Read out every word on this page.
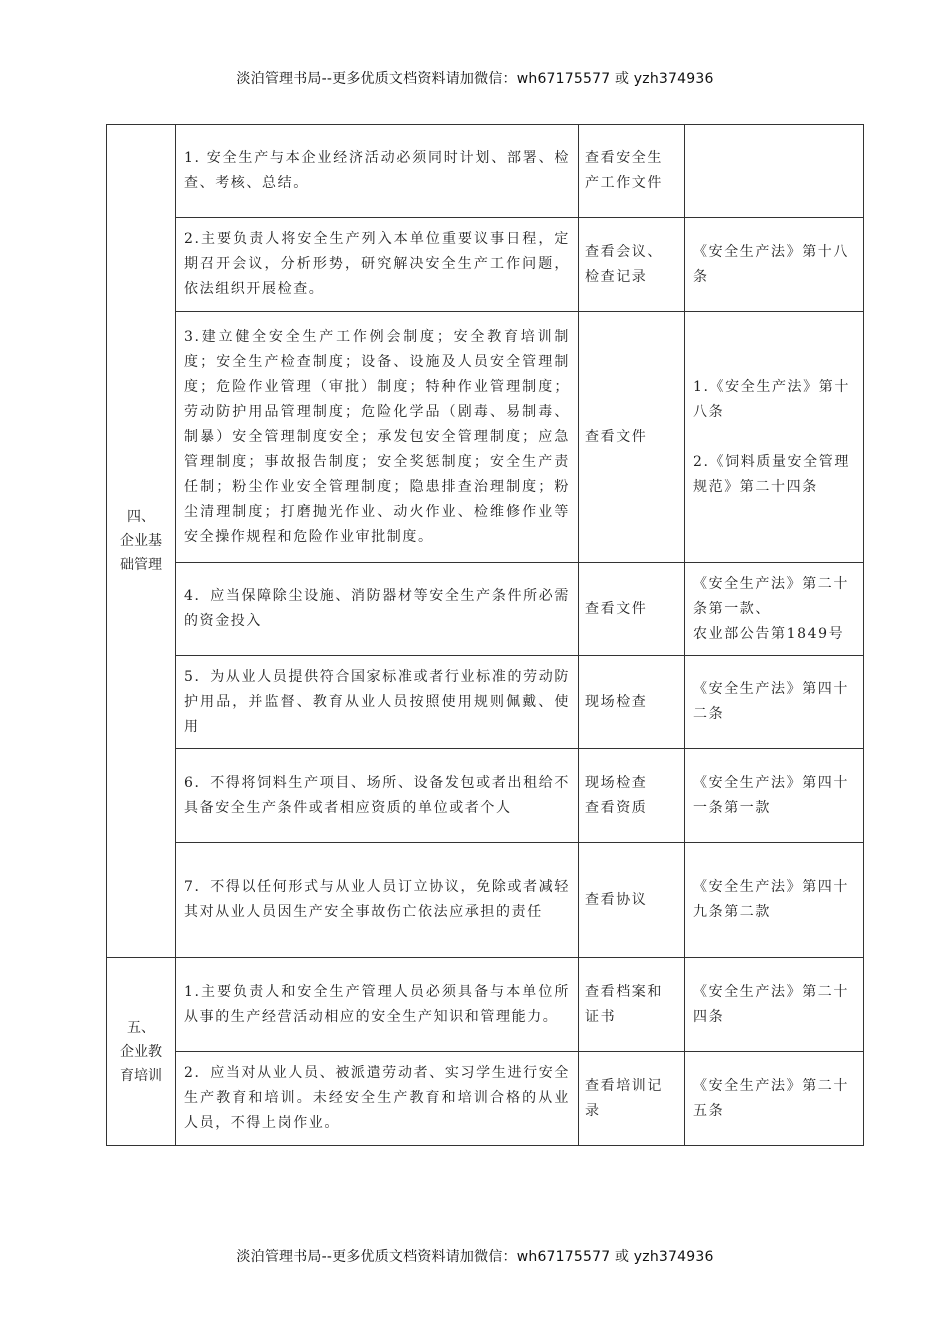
淡泊管理书局--更多优质文档资料请加微信：wh67175577 或 yzh374936
四、
企业基
础管理	1. 安全生产与本企业经济活动必须同时计划、部署、检查、考核、总结。	查看安全生产工作文件	
	2.主要负责人将安全生产列入本单位重要议事日程，定期召开会议，分析形势，研究解决安全生产工作问题，依法组织开展检查。	查看会议、检查记录	《安全生产法》第十八条
	3.建立健全安全生产工作例会制度；安全教育培训制度；安全生产检查制度；设备、设施及人员安全管理制度；危险作业管理（审批）制度；特种作业管理制度；劳动防护用品管理制度；危险化学品（剧毒、易制毒、制暴）安全管理制度安全；承发包安全管理制度；应急管理制度；事故报告制度；安全奖惩制度；安全生产责任制；粉尘作业安全管理制度；隐患排查治理制度；粉尘清理制度；打磨抛光作业、动火作业、检维修作业等安全操作规程和危险作业审批制度。	查看文件	1.《安全生产法》第十八条
2.《饲料质量安全管理规范》第二十四条

	4．应当保障除尘设施、消防器材等安全生产条件所必需的资金投入	查看文件	《安全生产法》第二十条第一款、
农业部公告第1849号

	5．为从业人员提供符合国家标准或者行业标准的劳动防护用品，并监督、教育从业人员按照使用规则佩戴、使用	现场检查	《安全生产法》第四十二条
	6．不得将饲料生产项目、场所、设备发包或者出租给不具备安全生产条件或者相应资质的单位或者个人	现场检查
查看资质	《安全生产法》第四十一条第一款
	7．不得以任何形式与从业人员订立协议，免除或者减轻其对从业人员因生产安全事故伤亡依法应承担的责任	查看协议	《安全生产法》第四十九条第二款

五、
企业教
育培训	1.主要负责人和安全生产管理人员必须具备与本单位所从事的生产经营活动相应的安全生产知识和管理能力。	查看档案和证书	《安全生产法》第二十四条
	2．应当对从业人员、被派遣劳动者、实习学生进行安全生产教育和培训。未经安全生产教育和培训合格的从业人员，不得上岗作业。	查看培训记录	《安全生产法》第二十五条
淡泊管理书局--更多优质文档资料请加微信：wh67175577 或 yzh374936
